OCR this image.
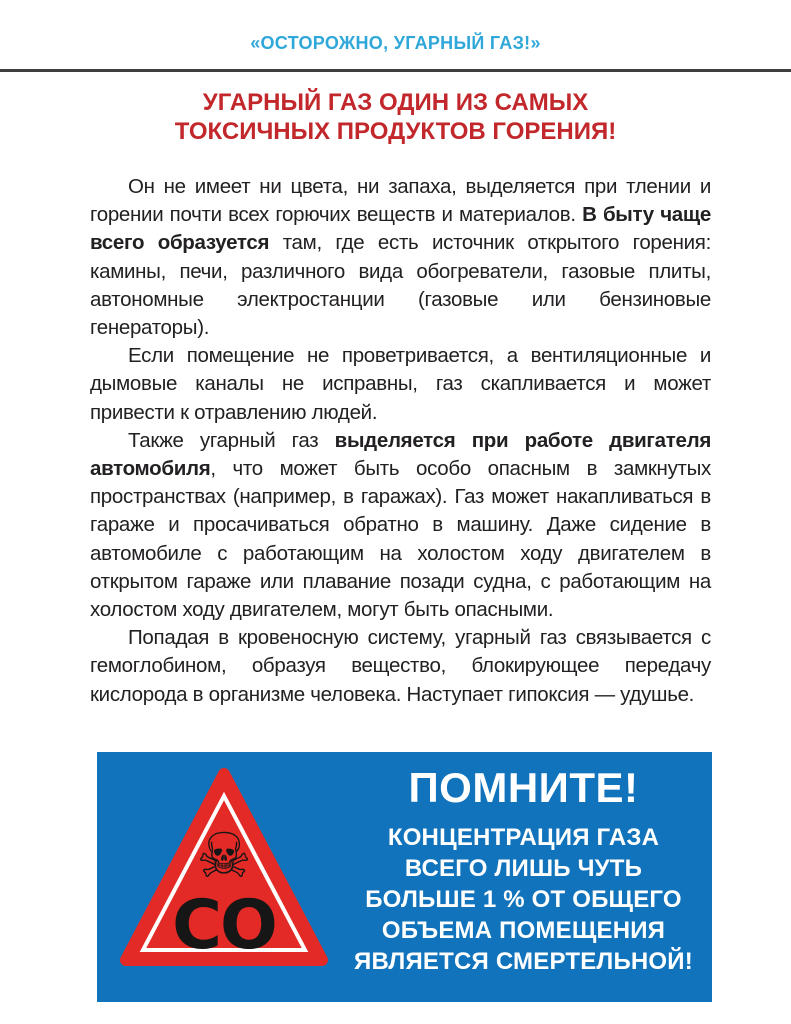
«ОСТОРОЖНО, УГАРНЫЙ ГАЗ!»
УГАРНЫЙ ГАЗ ОДИН ИЗ САМЫХ
ТОКСИЧНЫХ ПРОДУКТОВ ГОРЕНИЯ!

Он не имеет ни цвета, ни запаха, выделяется при тлении и горении почти всех горючих веществ и материалов. В быту чаще всего образуется там, где есть источник открытого горения: камины, печи, различного вида обогреватели, газовые плиты, автономные электростанции (газовые или бензиновые генераторы).

Если помещение не проветривается, а вентиляционные и дымовые каналы не исправны, газ скапливается и может привести к отравлению людей.

Также угарный газ выделяется при работе двигателя автомобиля, что может быть особо опасным в замкнутых пространствах (например, в гаражах). Газ может накапливаться в гараже и просачиваться обратно в машину. Даже сидение в автомобиле с работающим на холостом ходу двигателем в открытом гараже или плавание позади судна, с работающим на холостом ходу двигателем, могут быть опасными.

Попадая в кровеносную систему, угарный газ связывается с гемоглобином, образуя вещество, блокирующее передачу кислорода в организме человека. Наступает гипоксия — удушье.

☠
CO
ПОМНИТЕ!
КОНЦЕНТРАЦИЯ ГАЗА
ВСЕГО ЛИШЬ ЧУТЬ
БОЛЬШЕ 1 % ОТ ОБЩЕГО
ОБЪЕМА ПОМЕЩЕНИЯ
ЯВЛЯЕТСЯ СМЕРТЕЛЬНОЙ!
